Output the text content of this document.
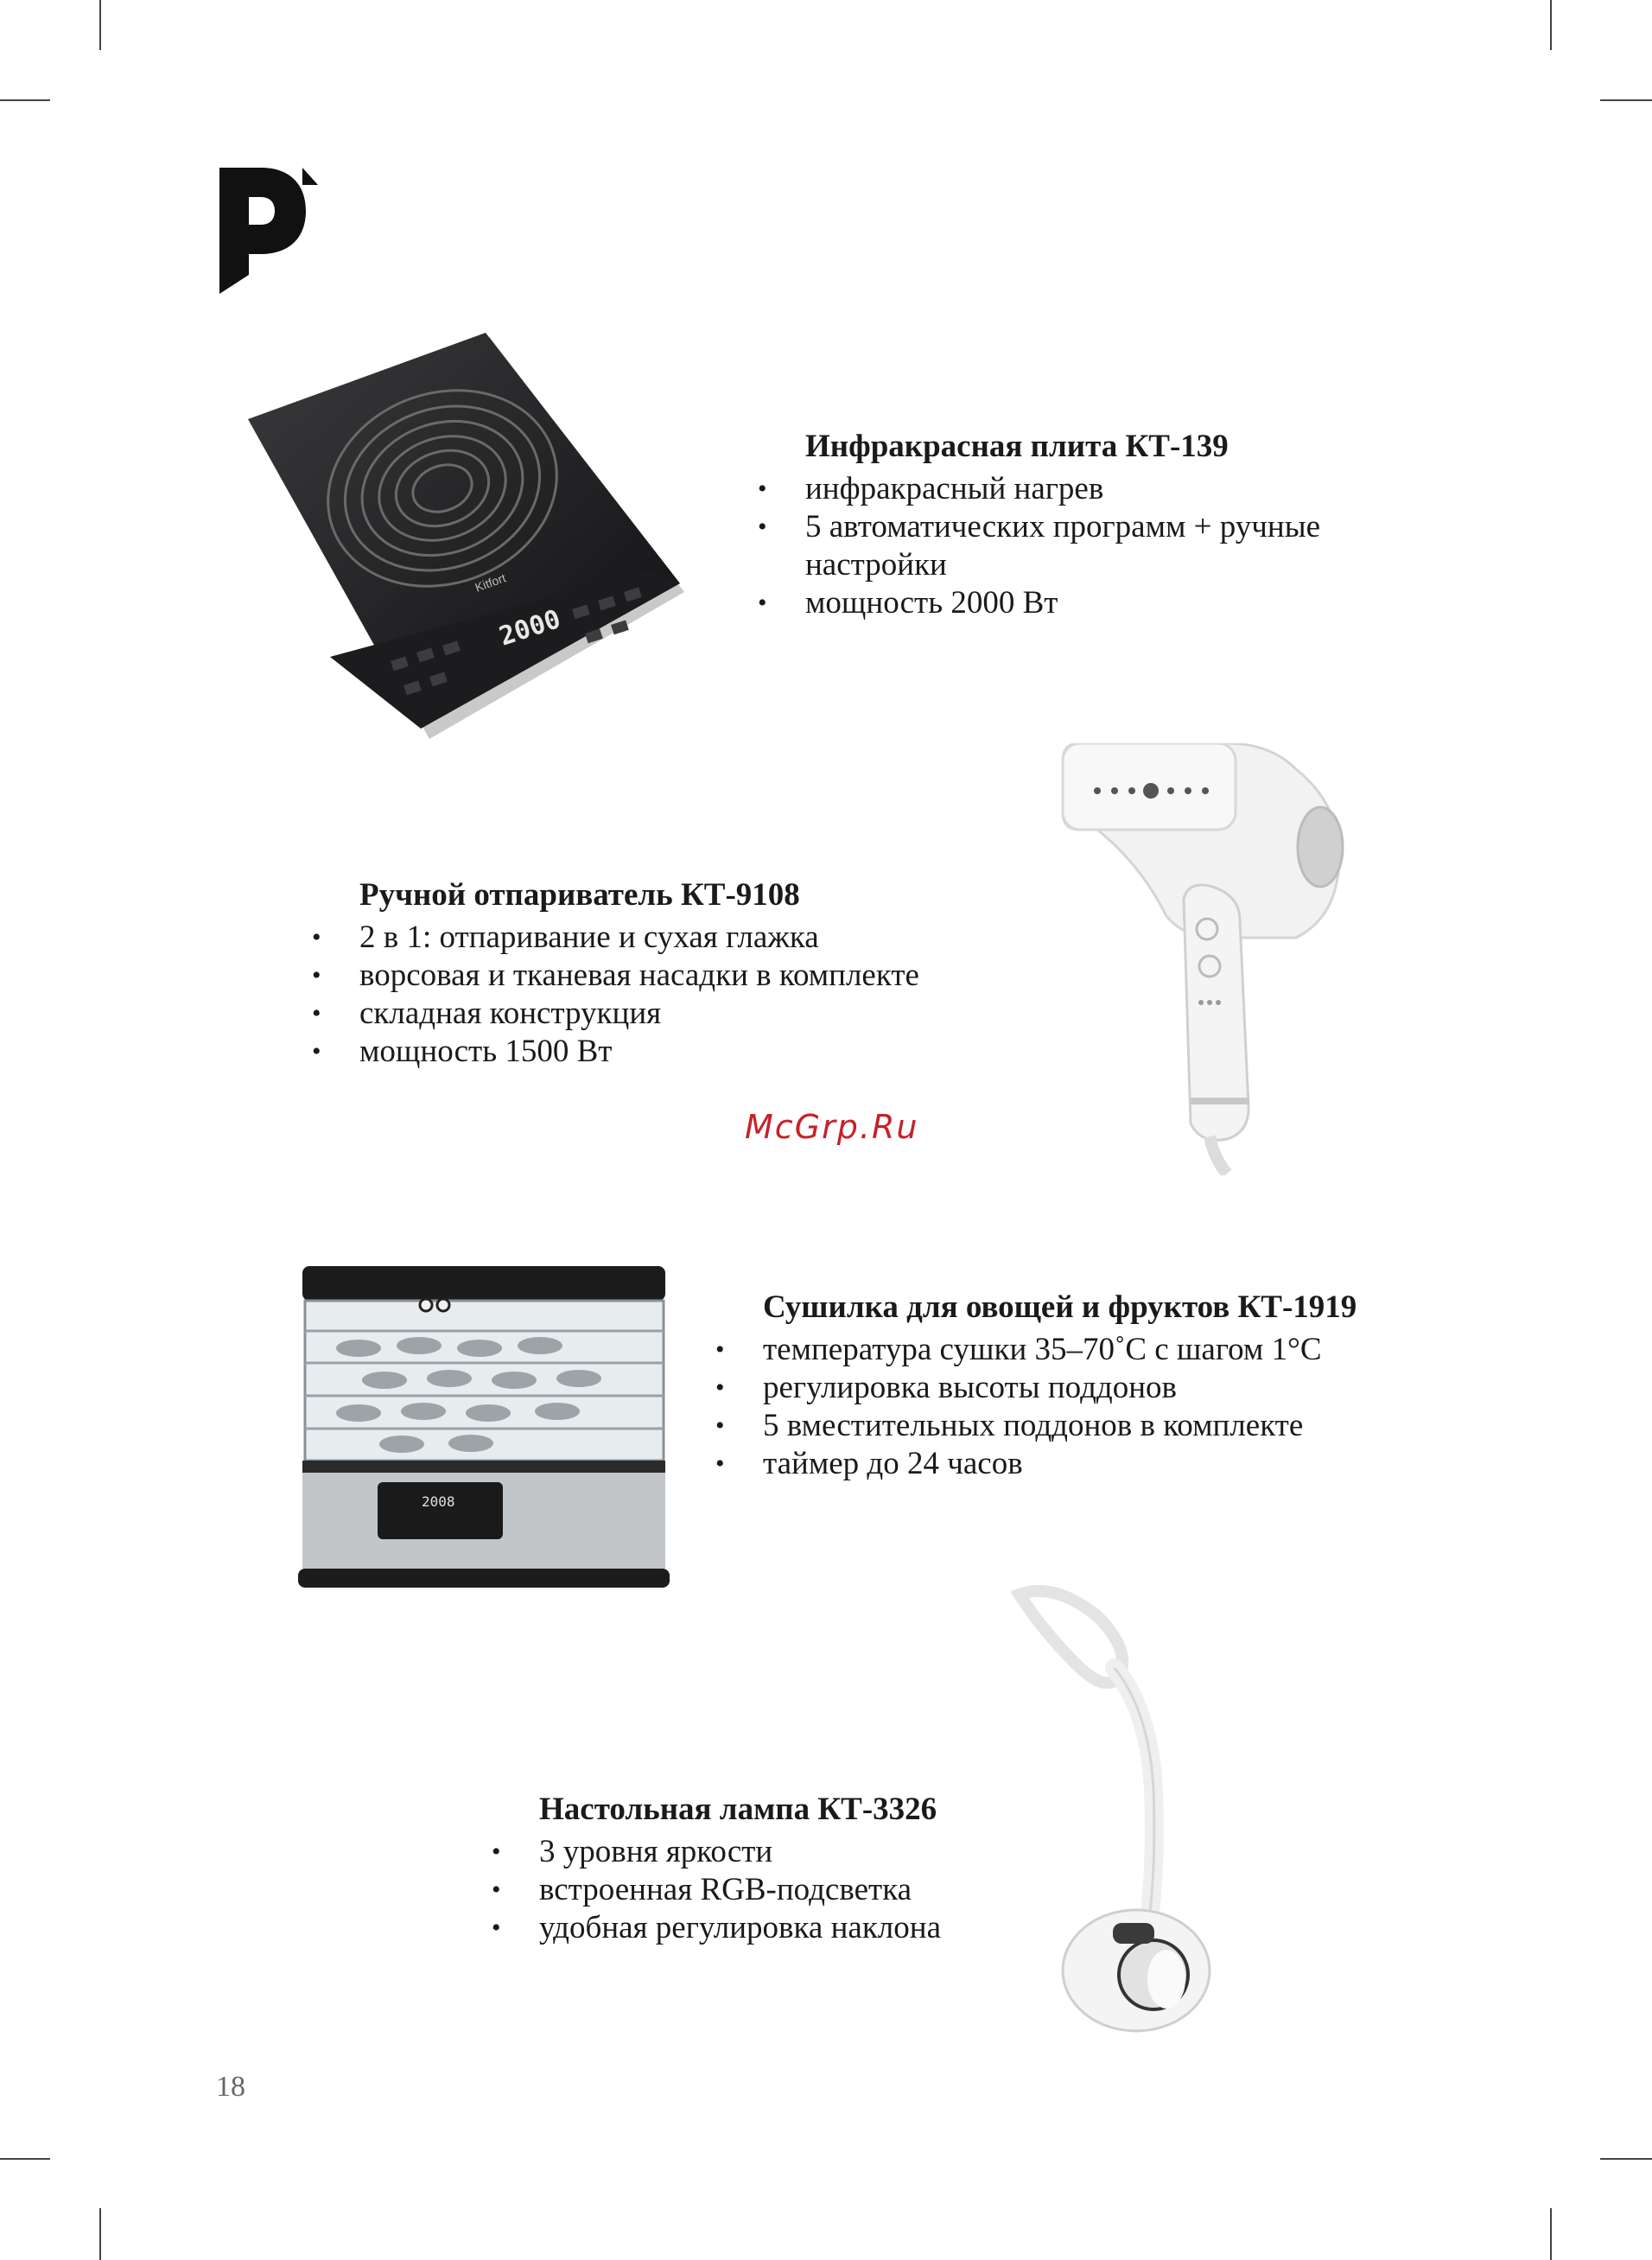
2000
Kitfort
Инфракрасная плита КТ-139
• инфракрасный нагрев
• 5 автоматических программ + ручные
настройки
• мощность 2000 Вт
Ручной отпариватель КТ-9108
• 2 в 1: отпаривание и сухая глажка
• ворсовая и тканевая насадки в комплекте
• складная конструкция
• мощность 1500 Вт
McGrp.Ru
2008
Сушилка для овощей и фруктов КТ-1919
• температура сушки 35–70˚С с шагом 1°С
• регулировка высоты поддонов
• 5 вместительных поддонов в комплекте
• таймер до 24 часов
Настольная лампа КТ-3326
• 3 уровня яркости
• встроенная RGB-подсветка
• удобная регулировка наклона
18
